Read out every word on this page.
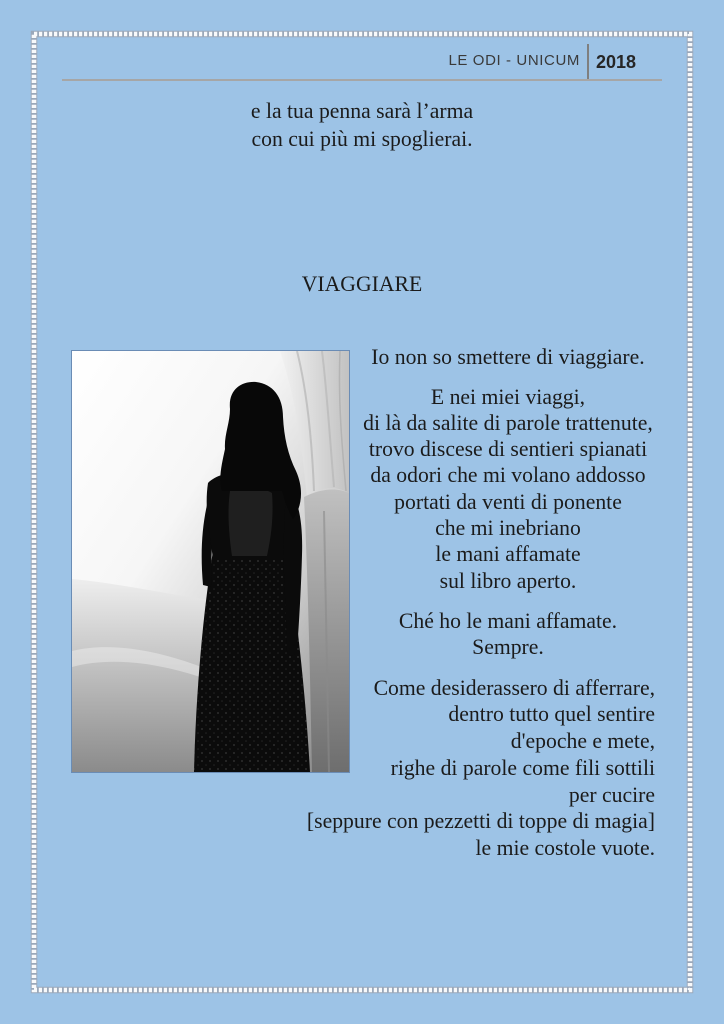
LE ODI - UNICUM 2018
e la tua penna sarà l’arma
con cui più mi spoglierai.
VIAGGIARE
Io non so smettere di viaggiare.
E nei miei viaggi,
di là da salite di parole trattenute,
trovo discese di sentieri spianati
da odori che mi volano addosso
portati da venti di ponente
che mi inebriano
le mani affamate
sul libro aperto.
Ché ho le mani affamate.
Sempre.
Come desiderassero di afferrare,
dentro tutto quel sentire
d'epoche e mete,
righe di parole come fili sottili
per cucire
[seppure con pezzetti di toppe di magia]
le mie costole vuote.
